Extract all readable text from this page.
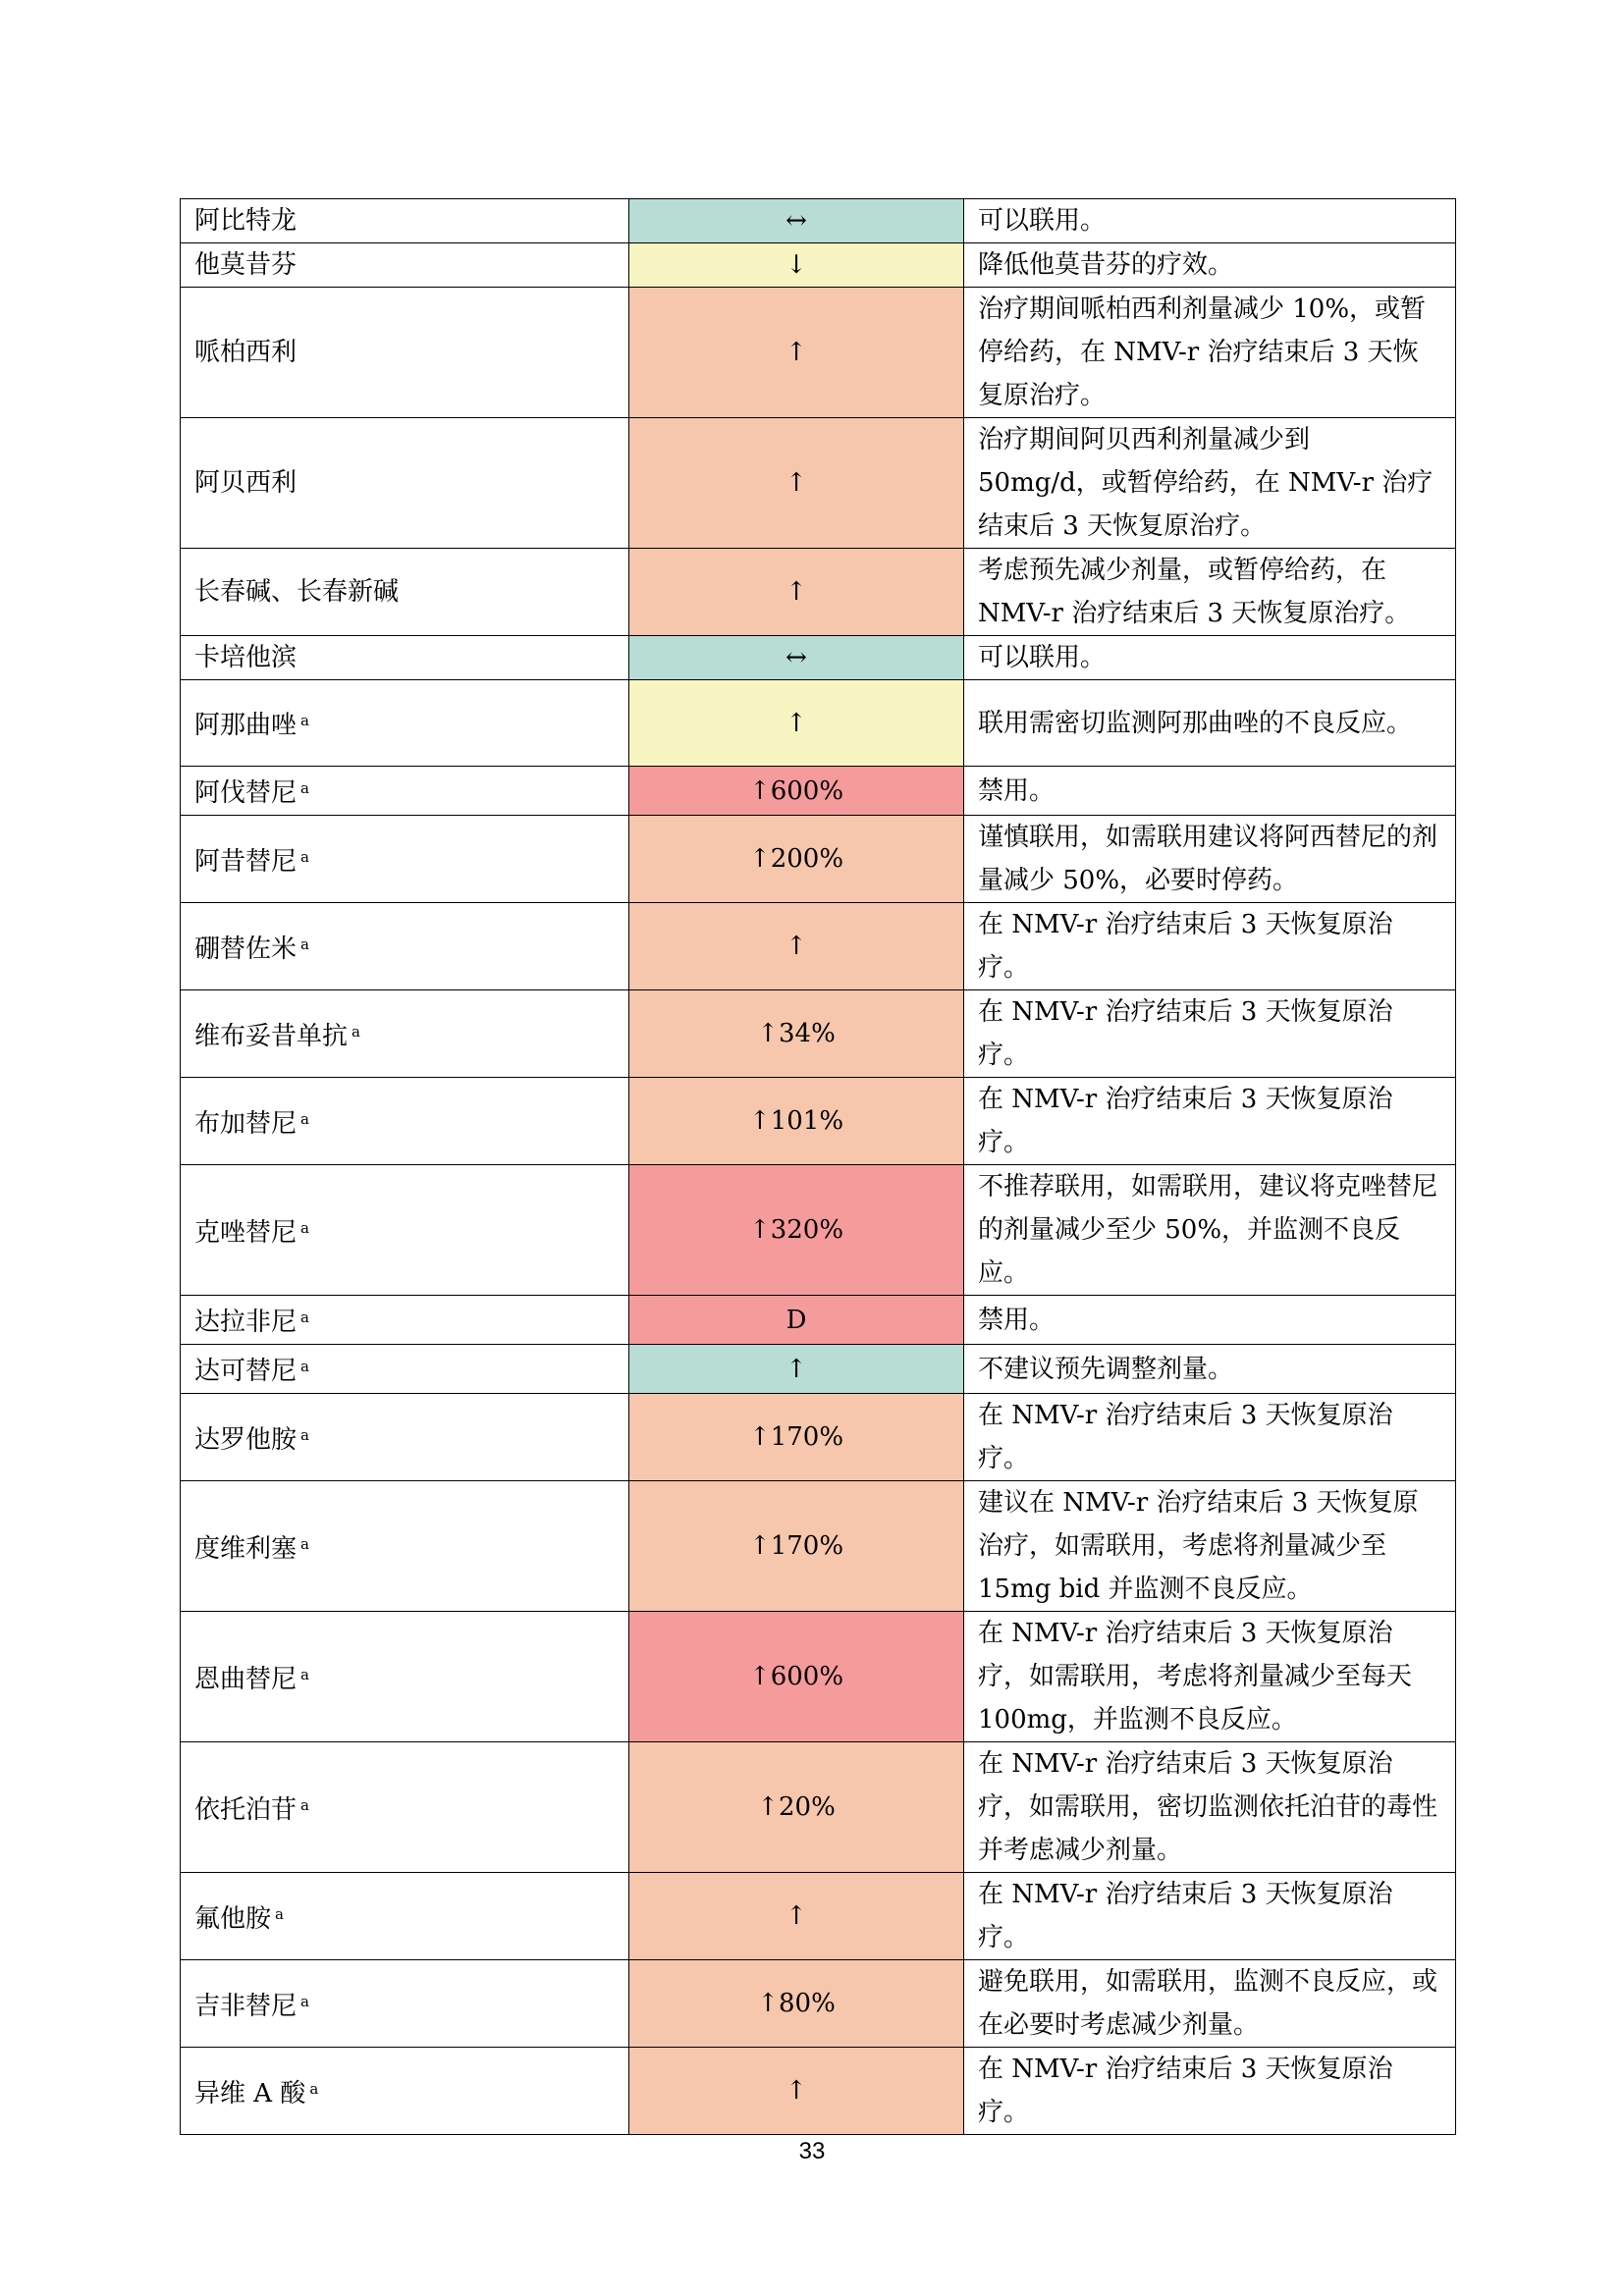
阿比特龙	↔	可以联用。
他莫昔芬	↓	降低他莫昔芬的疗效。
哌柏西利	↑	治疗期间哌柏西利剂量减少 10%，或暂停给药，在 NMV-r 治疗结束后 3 天恢复原治疗。
阿贝西利	↑	治疗期间阿贝西利剂量减少到 50mg/d，或暂停给药，在 NMV-r 治疗结束后 3 天恢复原治疗。
长春碱、长春新碱	↑	考虑预先减少剂量，或暂停给药，在 NMV-r 治疗结束后 3 天恢复原治疗。
卡培他滨	↔	可以联用。
阿那曲唑 $^a$	↑	联用需密切监测阿那曲唑的不良反应。
阿伐替尼 $^a$	↑600%	禁用。
阿昔替尼 $^a$	↑200%	谨慎联用，如需联用建议将阿西替尼的剂量减少 50%，必要时停药。
硼替佐米 $^a$	↑	在 NMV-r 治疗结束后 3 天恢复原治疗。
维布妥昔单抗 $^a$	↑34%	在 NMV-r 治疗结束后 3 天恢复原治疗。
布加替尼 $^a$	↑101%	在 NMV-r 治疗结束后 3 天恢复原治疗。
克唑替尼 $^a$	↑320%	不推荐联用，如需联用，建议将克唑替尼的剂量减少至少 50%，并监测不良反应。
达拉非尼 $^a$	D	禁用。
达可替尼 $^a$	↑	不建议预先调整剂量。
达罗他胺 $^a$	↑170%	在 NMV-r 治疗结束后 3 天恢复原治疗。
度维利塞 $^a$	↑170%	建议在 NMV-r 治疗结束后 3 天恢复原治疗，如需联用，考虑将剂量减少至 15mg bid 并监测不良反应。
恩曲替尼 $^a$	↑600%	在 NMV-r 治疗结束后 3 天恢复原治疗，如需联用，考虑将剂量减少至每天 100mg，并监测不良反应。
依托泊苷 $^a$	↑20%	在 NMV-r 治疗结束后 3 天恢复原治疗，如需联用，密切监测依托泊苷的毒性并考虑减少剂量。
氟他胺 $^a$	↑	在 NMV-r 治疗结束后 3 天恢复原治疗。
吉非替尼 $^a$	↑80%	避免联用，如需联用，监测不良反应，或在必要时考虑减少剂量。
异维 A 酸 $^a$	↑	在 NMV-r 治疗结束后 3 天恢复原治疗。
33
